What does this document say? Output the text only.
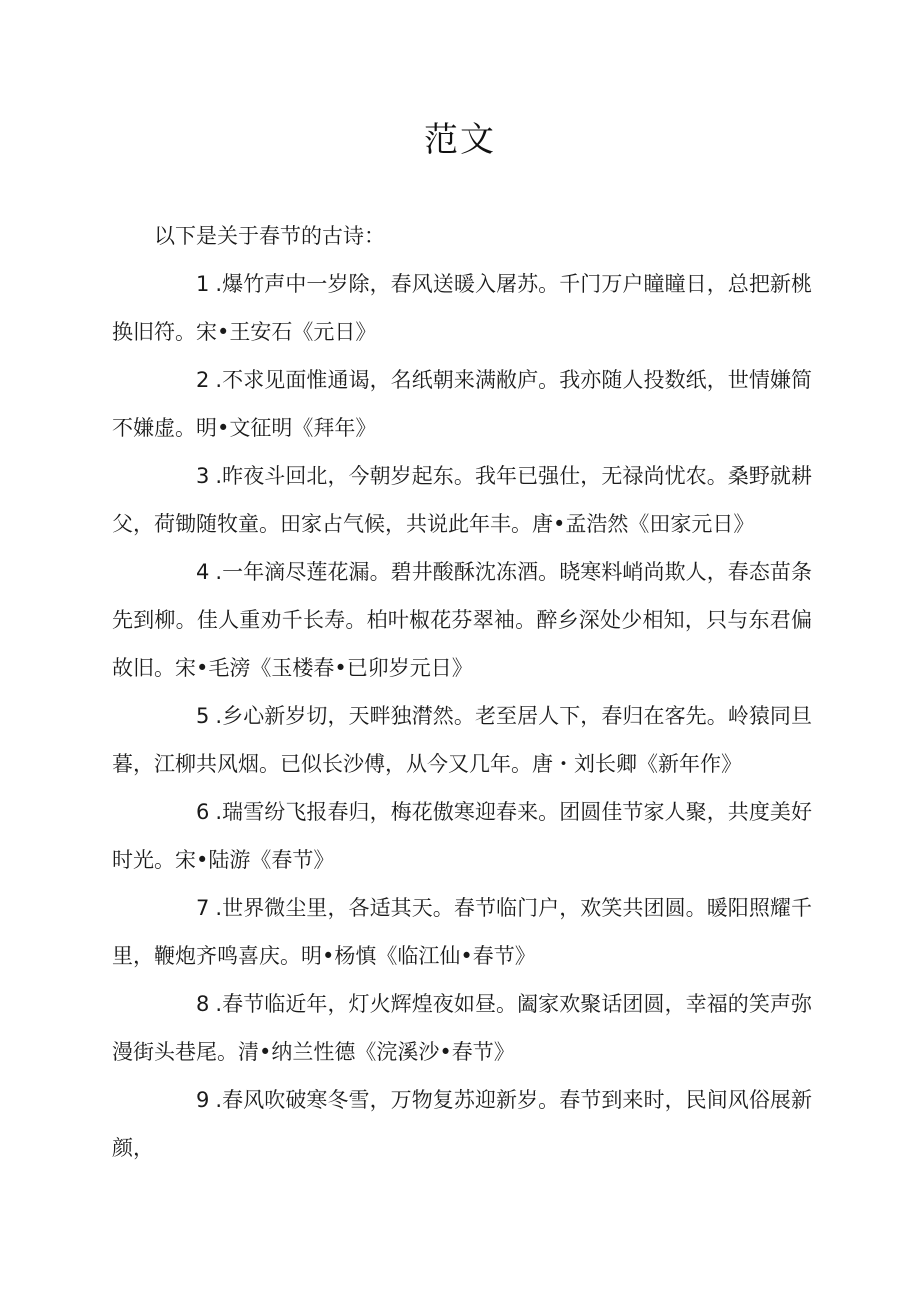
范文

以下是关于春节的古诗：

1 .爆竹声中一岁除，春风送暖入屠苏。千门万户瞳瞳日，总把新桃换旧符。宋•王安石《元日》

2 .不求见面惟通谒，名纸朝来满敝庐。我亦随人投数纸，世情嫌简不嫌虚。明•文征明《拜年》

3 .昨夜斗回北，今朝岁起东。我年已强仕，无禄尚忧农。桑野就耕父，荷锄随牧童。田家占气候，共说此年丰。唐•孟浩然《田家元日》

4 .一年滴尽莲花漏。碧井酸酥沈冻酒。晓寒料峭尚欺人，春态苗条先到柳。佳人重劝千长寿。柏叶椒花芬翠袖。醉乡深处少相知，只与东君偏故旧。宋•毛滂《玉楼春•已卯岁元日》

5 .乡心新岁切，天畔独潸然。老至居人下，春归在客先。岭猿同旦暮，江柳共风烟。已似长沙傅，从今又几年。唐・刘长卿《新年作》

6 .瑞雪纷飞报春归，梅花傲寒迎春来。团圆佳节家人聚，共度美好时光。宋•陆游《春节》

7 .世界微尘里，各适其天。春节临门户，欢笑共团圆。暖阳照耀千里，鞭炮齐鸣喜庆。明•杨慎《临江仙•春节》

8 .春节临近年，灯火辉煌夜如昼。阖家欢聚话团圆，幸福的笑声弥漫街头巷尾。清•纳兰性德《浣溪沙•春节》

9 .春风吹破寒冬雪，万物复苏迎新岁。春节到来时，民间风俗展新颜，
